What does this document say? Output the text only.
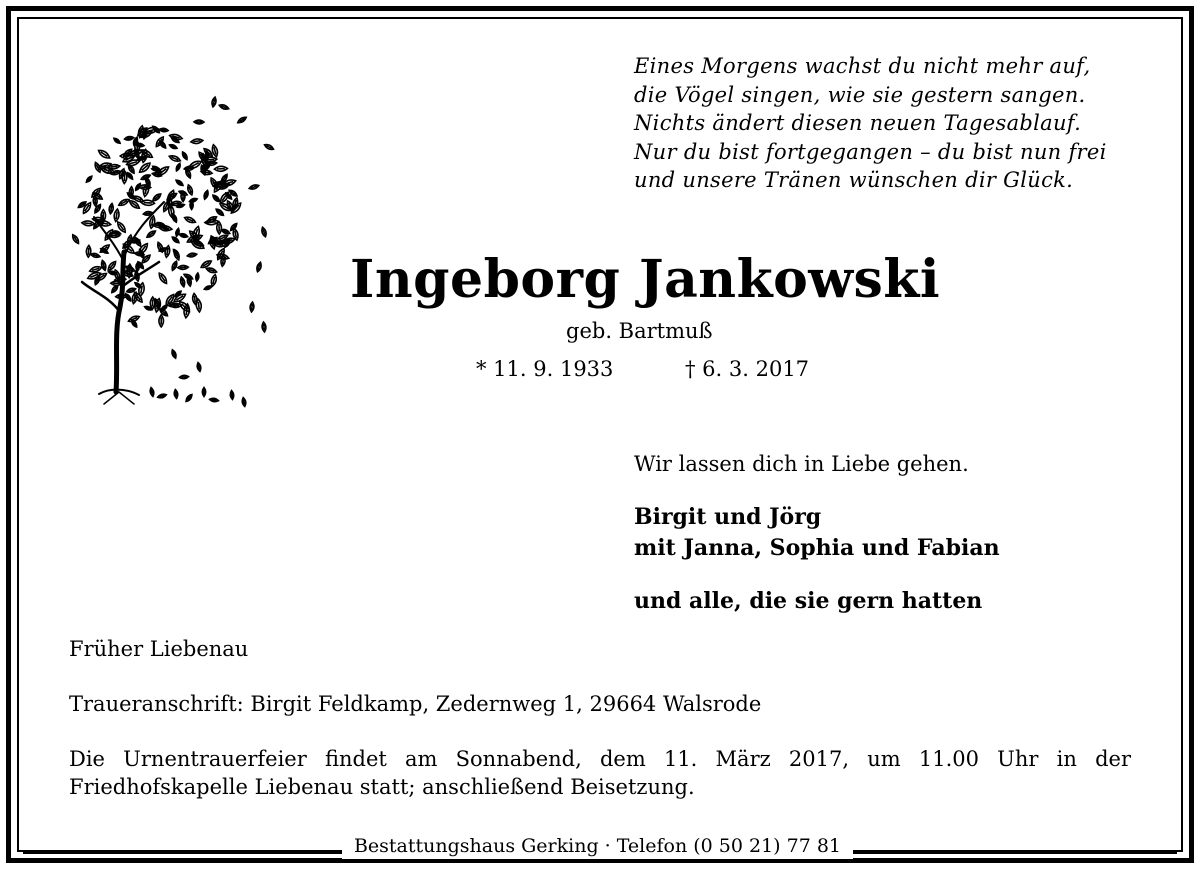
Eines Morgens wachst du nicht mehr auf,
die Vögel singen, wie sie gestern sangen.
Nichts ändert diesen neuen Tagesablauf.
Nur du bist fortgegangen – du bist nun frei
und unsere Tränen wünschen dir Glück.
Ingeborg Jankowski
geb. Bartmuß
* 11. 9. 1933	† 6. 3. 2017
Wir lassen dich in Liebe gehen.
Birgit und Jörg
mit Janna, Sophia und Fabian
und alle, die sie gern hatten
Früher Liebenau
Traueranschrift: Birgit Feldkamp, Zedernweg 1, 29664 Walsrode
Die Urnentrauerfeier findet am Sonnabend, dem 11. März 2017, um 11.00 Uhr in der Friedhofskapelle Liebenau statt; anschließend Beisetzung.
Bestattungshaus Gerking · Telefon (0 50 21) 77 81
